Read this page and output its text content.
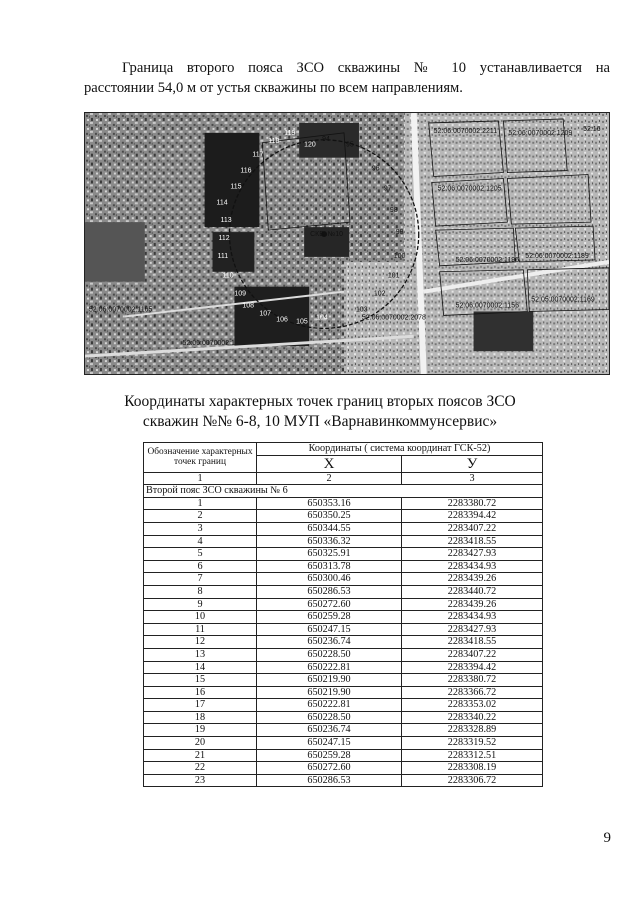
Граница второго пояса ЗСО скважины № 10 устанавливается на
расстоянии 54,0 м от устья скважины по всем направлениям.

СКВ. №10
52:06:0070002:2211 52:06:0070002:1209
52:06:0070002:1205
52:06:0070002:1196
52:06:0070002:1189
52:06:0070002:1156
52:05:0070002:1169
52:06:0070002:1165
52:06:0070002:2078
52:06:0070002:1
52:16
104
105
106
107
108
109
110
111
112
113
114
115
116
117
118
119
120
94
95
96
97
98
99
100
101
102
103
Координаты характерных точек границ вторых поясов ЗСО
скважин №№ 6-8, 10 МУП «Варнавинкоммунсервис»
Обозначение характерных точек границ	Координаты ( система координат ГСК-52)	
	X	У
1	2	3
Второй пояс ЗСО скважины № 6		
1	650353.16	2283380.72
2	650350.25	2283394.42
3	650344.55	2283407.22
4	650336.32	2283418.55
5	650325.91	2283427.93
6	650313.78	2283434.93
7	650300.46	2283439.26
8	650286.53	2283440.72
9	650272.60	2283439.26
10	650259.28	2283434.93
11	650247.15	2283427.93
12	650236.74	2283418.55
13	650228.50	2283407.22
14	650222.81	2283394.42
15	650219.90	2283380.72
16	650219.90	2283366.72
17	650222.81	2283353.02
18	650228.50	2283340.22
19	650236.74	2283328.89
20	650247.15	2283319.52
21	650259.28	2283312.51
22	650272.60	2283308.19
23	650286.53	2283306.72
9
